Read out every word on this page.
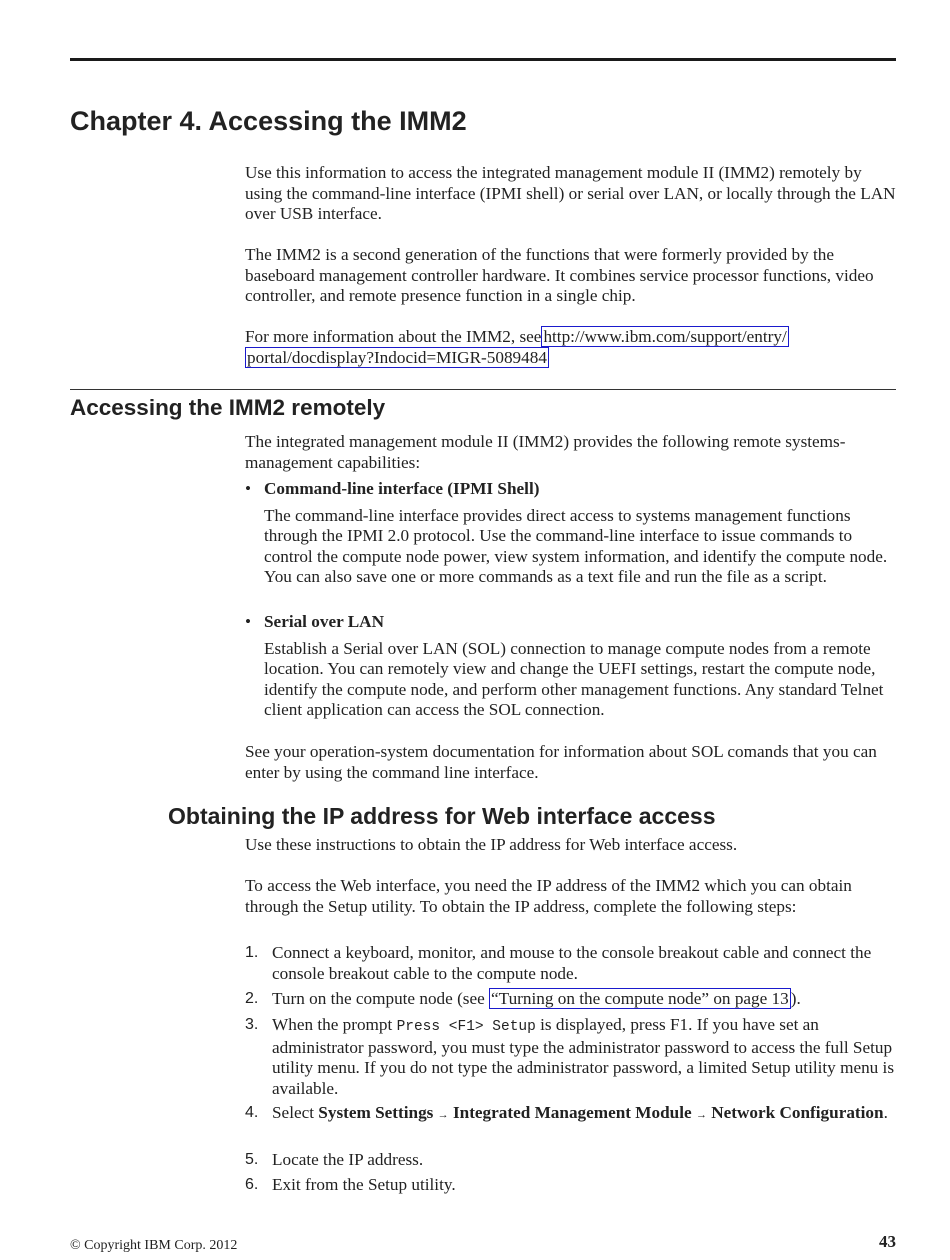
Chapter 4. Accessing the IMM2

Use this information to access the integrated management module II (IMM2) remotely by using the command-line interface (IPMI shell) or serial over LAN, or locally through the LAN over USB interface.

The IMM2 is a second generation of the functions that were formerly provided by the baseboard management controller hardware. It combines service processor functions, video controller, and remote presence function in a single chip.

For more information about the IMM2, see http://www.ibm.com/support/entry/
portal/docdisplay?Indocid=MIGR-5089484

Accessing the IMM2 remotely

The integrated management module II (IMM2) provides the following remote systems-management capabilities:

• Command-line interface (IPMI Shell)
The command-line interface provides direct access to systems management functions through the IPMI 2.0 protocol. Use the command-line interface to issue commands to control the compute node power, view system information, and identify the compute node. You can also save one or more commands as a text file and run the file as a script.
• Serial over LAN
Establish a Serial over LAN (SOL) connection to manage compute nodes from a remote location. You can remotely view and change the UEFI settings, restart the compute node, identify the compute node, and perform other management functions. Any standard Telnet client application can access the SOL connection.

See your operation-system documentation for information about SOL comands that you can enter by using the command line interface.

Obtaining the IP address for Web interface access

Use these instructions to obtain the IP address for Web interface access.

To access the Web interface, you need the IP address of the IMM2 which you can obtain through the Setup utility. To obtain the IP address, complete the following steps:

1. Connect a keyboard, monitor, and mouse to the console breakout cable and connect the console breakout cable to the compute node.
2. Turn on the compute node (see “Turning on the compute node” on page 13 ).
3. When the prompt Press <F1> Setup is displayed, press F1. If you have set an administrator password, you must type the administrator password to access the full Setup utility menu. If you do not type the administrator password, a limited Setup utility menu is available.
4. Select System Settings → Integrated Management Module → Network Configuration.
5. Locate the IP address.
6. Exit from the Setup utility.
© Copyright IBM Corp. 2012	43
